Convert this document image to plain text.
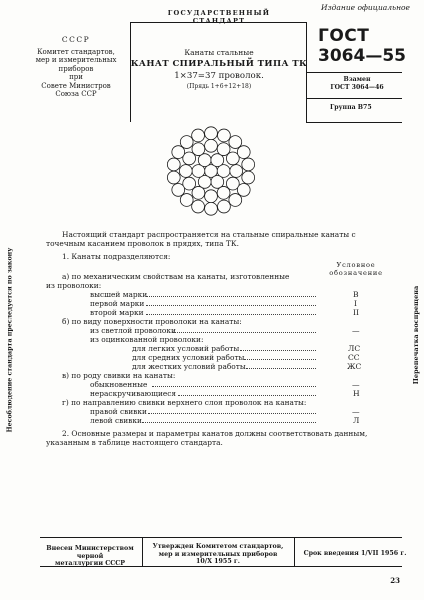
Издание официальное
СССР
Комитет стандартов,
мер и измерительных
приборов
при
Совете Министров
Союза ССР
ГОСУДАРСТВЕННЫЙ СТАНДАРТ
Канаты стальные
КАНАТ СПИРАЛЬНЫЙ ТИПА ТК
1×37=37 проволок.
(Прядь 1+6+12+18)
ГОСТ
3064—55
Взамен
ГОСТ 3064—46
Группа В75
Несоблюдение стандарта преследуется по закону	Перепечатка воспрещена
Настоящий стандарт распространяется на стальные спиральные канаты с точечным касанием проволок в прядях, типа ТК.
1. Канаты подразделяются:
Условное
обозначение
а) по механическим свойствам на канаты, изготовленные
из проволоки:
высшей марки	В
первой марки	I
второй марки	II
б) по виду поверхности проволоки на канаты:
из светлой проволоки	—
из оцинкованной проволоки:
для легких условий работы	ЛС
для средних условий работы	СС
для жестких условий работы	ЖС
в) по роду свивки на канаты:
обыкновенные	—
нераскручивающиеся	Н
г) по направлению свивки верхнего слоя проволок на канаты:
правой свивки	—
левой свивки	Л
2. Основные размеры и параметры канатов должны соответствовать данным, указанным в таблице настоящего стандарта.
Внесен Министерством черной
металлургии СССР
Утвержден Комитетом стандартов,
мер и измерительных приборов
10/X 1955 г.
Срок введения 1/VII 1956 г.
23
